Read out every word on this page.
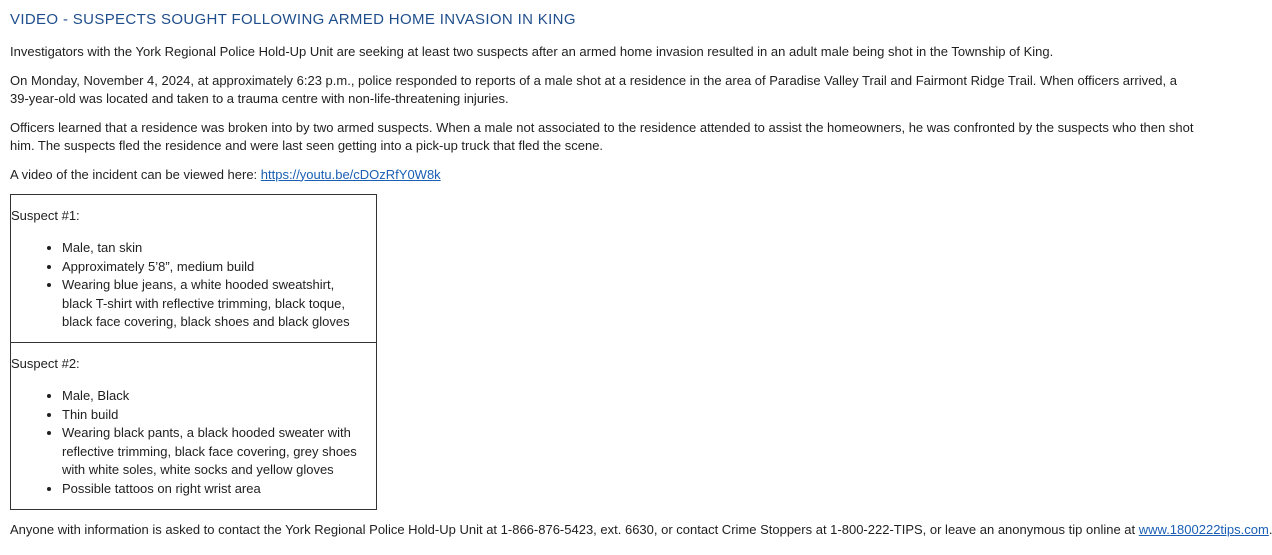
VIDEO - SUSPECTS SOUGHT FOLLOWING ARMED HOME INVASION IN KING

Investigators with the York Regional Police Hold-Up Unit are seeking at least two suspects after an armed home invasion resulted in an adult male being shot in the Township of King.

On Monday, November 4, 2024, at approximately 6:23 p.m., police responded to reports of a male shot at a residence in the area of Paradise Valley Trail and Fairmont Ridge Trail. When officers arrived, a 39-year-old was located and taken to a trauma centre with non-life-threatening injuries.

Officers learned that a residence was broken into by two armed suspects. When a male not associated to the residence attended to assist the homeowners, he was confronted by the suspects who then shot him. The suspects fled the residence and were last seen getting into a pick-up truck that fled the scene.

A video of the incident can be viewed here: https://youtu.be/cDOzRfY0W8k

Suspect #1:
• Male, tan skin
• Approximately 5’8”, medium build
• Wearing blue jeans, a white hooded sweatshirt, black T-shirt with reflective trimming, black toque, black face covering, black shoes and black gloves
Suspect #2:
• Male, Black
• Thin build
• Wearing black pants, a black hooded sweater with reflective trimming, black face covering, grey shoes with white soles, white socks and yellow gloves
• Possible tattoos on right wrist area

Anyone with information is asked to contact the York Regional Police Hold-Up Unit at 1-866-876-5423, ext. 6630, or contact Crime Stoppers at 1-800-222-TIPS, or leave an anonymous tip online at www.1800222tips.com
